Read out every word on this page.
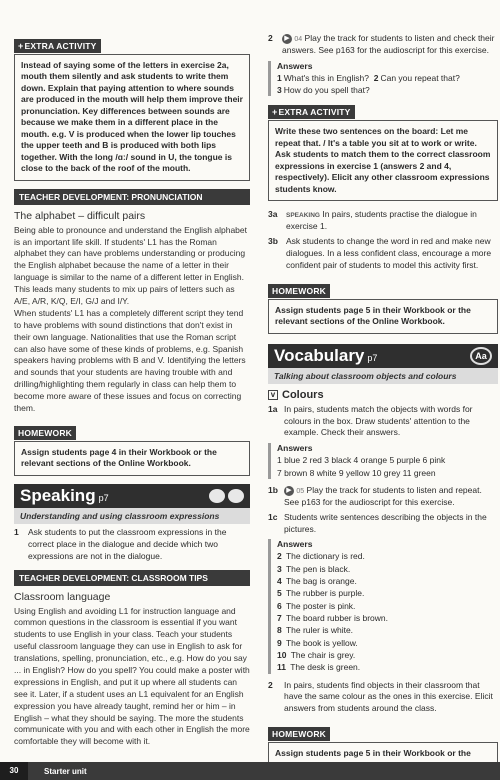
+EXTRA ACTIVITY
Instead of saying some of the letters in exercise 2a, mouth them silently and ask students to write them down. Explain that paying attention to where sounds are produced in the mouth will help them improve their pronunciation. Key differences between sounds are because we make them in a different place in the mouth. e.g. V is produced when the lower lip touches the upper teeth and B is produced with both lips together. With the long /ɑː/ sound in U, the tongue is close to the back of the roof of the mouth.
TEACHER DEVELOPMENT: PRONUNCIATION
The alphabet – difficult pairs

Being able to pronounce and understand the English alphabet is an important life skill. If students' L1 has the Roman alphabet they can have problems understanding or producing the English alphabet because the name of a letter in their language is similar to the name of a different letter in English. This leads many students to mix up pairs of letters such as A/E, A/R, K/Q, E/I, G/J and I/Y.

When students' L1 has a completely different script they tend to have problems with sound distinctions that don't exist in their own language. Nationalities that use the Roman script can also have some of these kinds of problems, e.g. Spanish speakers having problems with B and V. Identifying the letters and sounds that your students are having trouble with and drilling/highlighting them regularly in class can help them to become more aware of these issues and focus on correcting them.

HOMEWORK
Assign students page 4 in their Workbook or the relevant sections of the Online Workbook.
Speaking p7
Understanding and using classroom expressions
1	Ask students to put the classroom expressions in the correct place in the dialogue and decide which two expressions are not in the dialogue.
TEACHER DEVELOPMENT: CLASSROOM TIPS
Classroom language

Using English and avoiding L1 for instruction language and common questions in the classroom is essential if you want students to use English in your class. Teach your students useful classroom language they can use in English to ask for translations, spelling, pronunciation, etc., e.g. How do you say ... in English? How do you spell? You could make a poster with expressions in English, and put it up where all students can see it. Later, if a student uses an L1 equivalent for an English expression you have already taught, remind her or him – in English – what they should be saying. The more the students communicate with you and with each other in English the more comfortable they will become with it.

2	▶ 04 Play the track for students to listen and check their answers. See p163 for the audioscript for this exercise.
Answers
1 What's this in English? 2 Can you repeat that?
3 How do you spell that?
+EXTRA ACTIVITY
Write these two sentences on the board: Let me repeat that. / It's a table you sit at to work or write. Ask students to match them to the correct classroom expressions in exercise 1 (answers 2 and 4, respectively). Elicit any other classroom expressions students know.
3a	SPEAKING In pairs, students practise the dialogue in exercise 1.
3b Ask students to change the word in red and make new dialogues. In a less confident class, encourage a more confident pair of students to model this activity first.
HOMEWORK
Assign students page 5 in their Workbook or the relevant sections of the Online Workbook.
Vocabulary p7	Aa
Talking about classroom objects and colours
v Colours
1a In pairs, students match the objects with words for colours in the box. Draw students' attention to the example. Check their answers.
Answers
1 blue 2 red 3 black 4 orange 5 purple 6 pink
7 brown 8 white 9 yellow 10 grey 11 green
1b	▶ 05 Play the track for students to listen and repeat. See p163 for the audioscript for this exercise.
1c Students write sentences describing the objects in the pictures.
Answers
2 The dictionary is red.
3 The pen is black.
4 The bag is orange.
5 The rubber is purple.
6 The poster is pink.
7 The board rubber is brown.
8 The ruler is white.
9 The book is yellow.
10 The chair is grey.
11 The desk is green.
2	In pairs, students find objects in their classroom that have the same colour as the ones in this exercise. Elicit answers from students around the class.
HOMEWORK
Assign students page 5 in their Workbook or the
30	Starter unit
